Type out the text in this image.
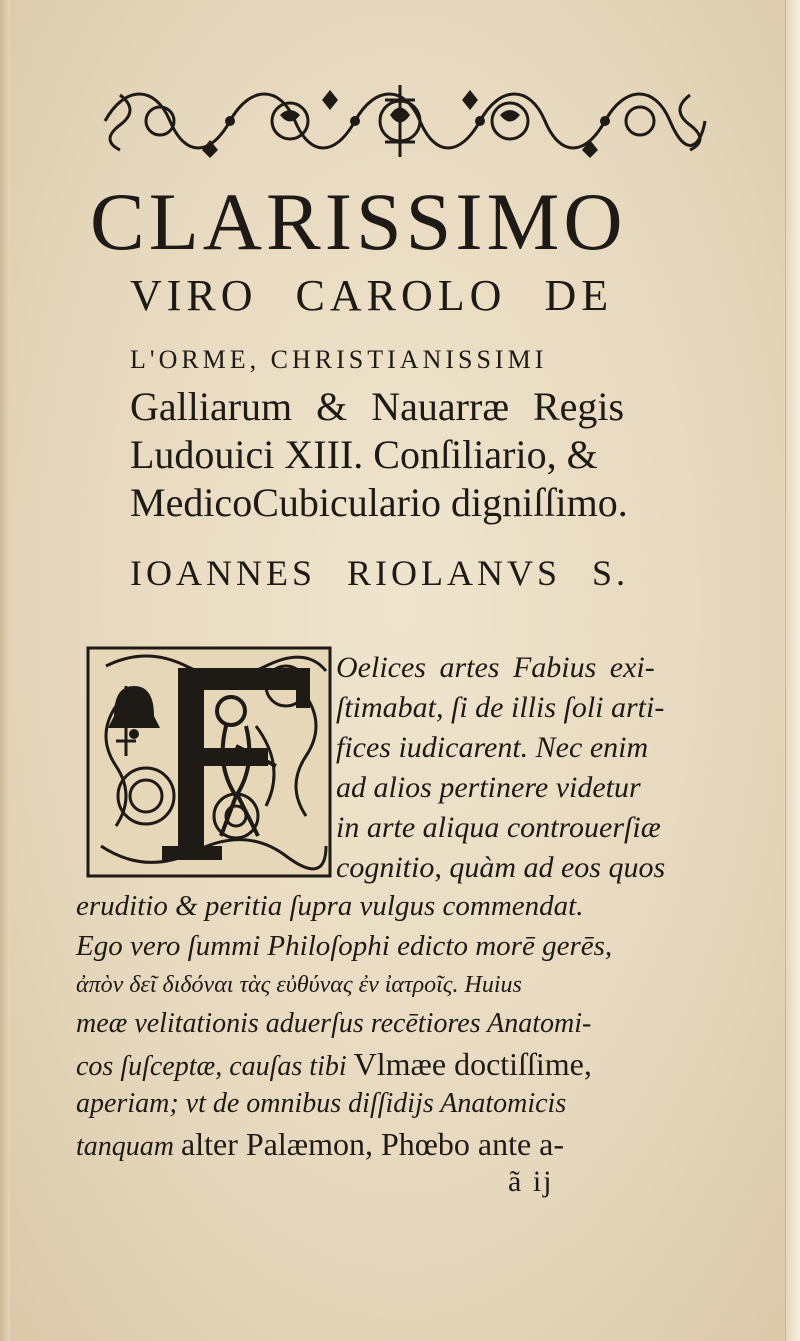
CLARISSIMO

VIRO CAROLO DE

L'ORME, CHRISTIANISSIMI

Galliarum & Nauarræ Regis

Ludouici XIII. Conſiliario, &

MedicoCubiculario digniſſimo.

IOANNES RIOLANVS S.

Oelices artes Fabius exi-

ſtimabat, ſi de illis ſoli arti-

fices iudicarent. Nec enim

ad alios pertinere videtur

in arte aliqua controuerſiæ

cognitio, quàm ad eos quos

eruditio & peritia ſupra vulgus commendat.

Ego vero ſummi Philoſophi edicto morē gerēs,

ἀπὸν δεῖ διδόναι τὰς εὐθύνας ἐν ἰατροῖς. Huius

meæ velitationis aduerſus recētiores Anatomi-

cos ſuſceptæ, cauſas tibi Vlmæe doctiſſime,

aperiam; vt de omnibus diſſidijs Anatomicis

tanquam alter Palæmon, Phœbo ante a-

ã ij
